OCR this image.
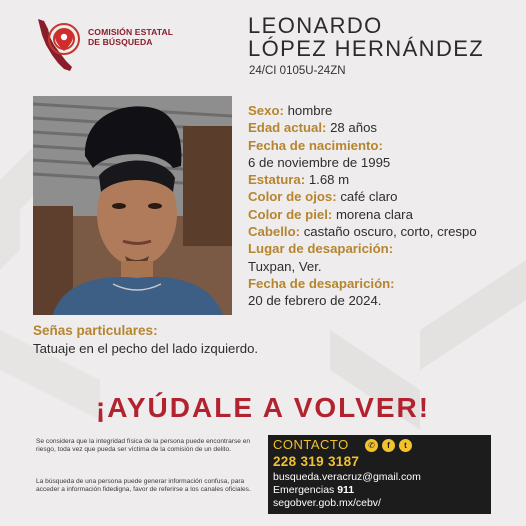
COMISIÓN ESTATAL
DE BÚSQUEDA
LEONARDO
LÓPEZ HERNÁNDEZ
24/CI 0105U-24ZN
Sexo: hombre
Edad actual: 28 años
Fecha de nacimiento:
6 de noviembre de 1995
Estatura: 1.68 m
Color de ojos: café claro
Color de piel: morena clara
Cabello: castaño oscuro, corto, crespo
Lugar de desaparición:
Tuxpan, Ver.
Fecha de desaparición:
20 de febrero de 2024.
Señas particulares:
Tatuaje en el pecho del lado izquierdo.
¡AYÚDALE A VOLVER!
Se considera que la integridad física de la persona puede encontrarse en riesgo, toda vez que pueda ser víctima de la comisión de un delito.
La búsqueda de una persona puede generar información confusa, para acceder a información fidedigna, favor de referirse a los canales oficiales.
CONTACTO	✆	f	t
228 319 3187
busqueda.veracruz@gmail.com
Emergencias 911
segobver.gob.mx/cebv/
